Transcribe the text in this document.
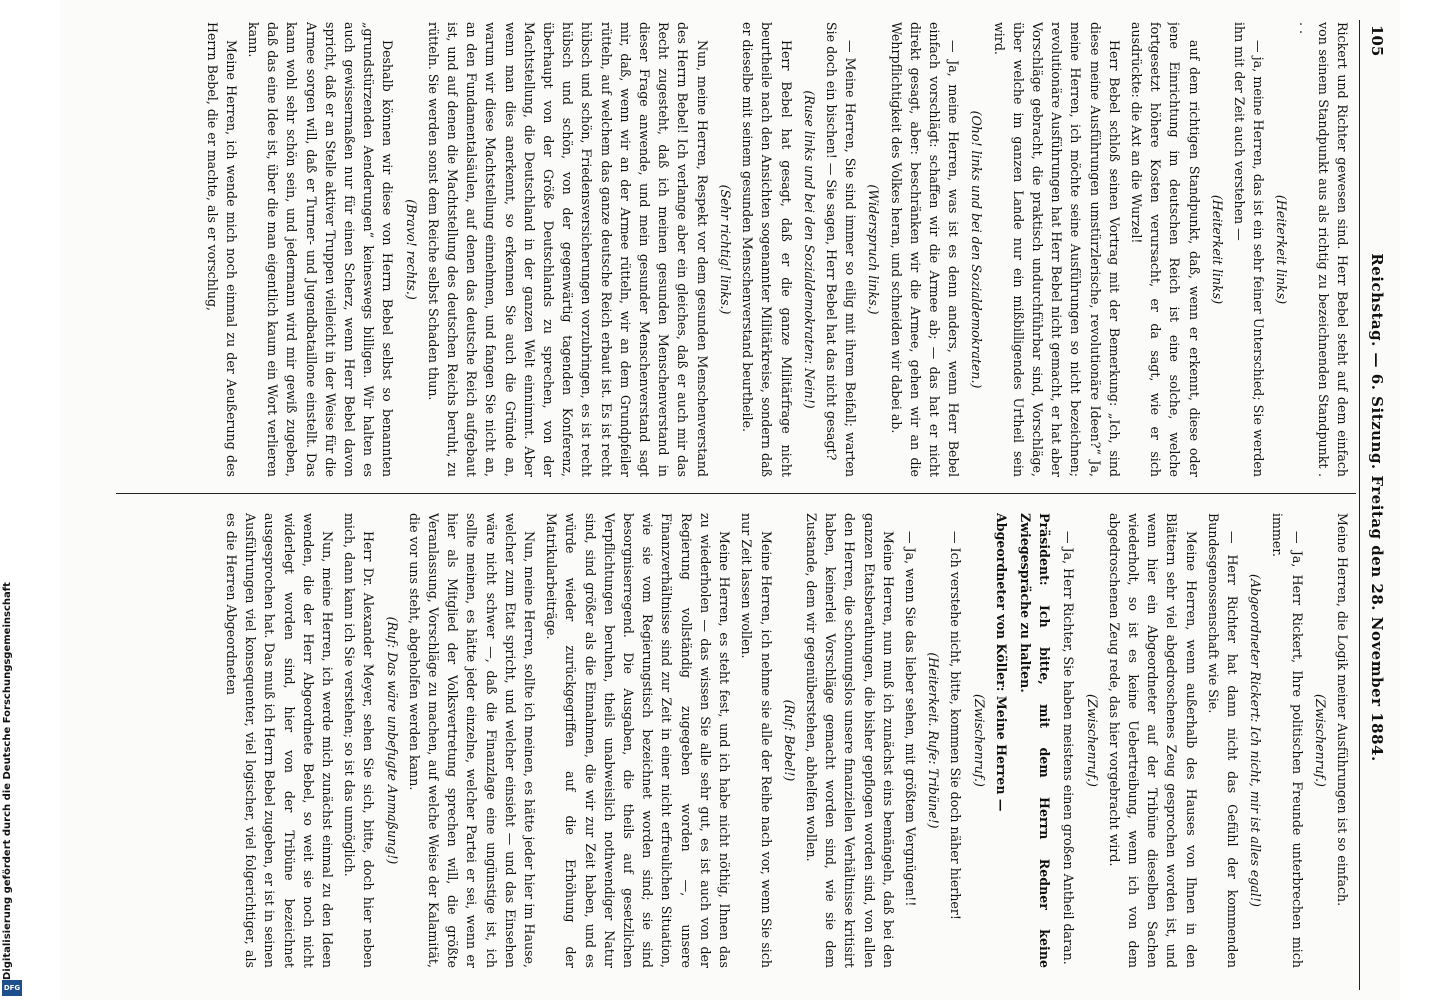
105
Reichstag. — 6. Sitzung. Freitag den 28. November 1884.

Rickert und Richter gewesen sind. Herr Bebel steht auf dem einfach von seinem Standpunkt aus als richtig zu bezeichnenden Standpunkt . . .

(Heiterkeit links)

— ja, meine Herren, das ist ein sehr feiner Unterschied; Sie werden ihn mit der Zeit auch verstehen —

(Heiterkeit links)

auf dem richtigen Standpunkt, daß, wenn er erkennt, diese oder jene Einrichtung im deutschen Reich ist eine solche, welche fortgesetzt höhere Kosten verursacht, er da sagt, wie er sich ausdrückte: die Axt an die Wurzel!

Herr Bebel schloß seinen Vortrag mit der Bemerkung: „Ich, sind diese meine Ausführungen umstürzlerische, revolutionäre Ideen?“ Ja, meine Herren, ich möchte seine Ausführungen so nicht bezeichnen; revolutionäre Ausführungen hat Herr Bebel nicht gemacht, er hat aber Vorschläge gebracht, die praktisch undurchführbar sind, Vorschläge, über welche im ganzen Lande nur ein mißbilligendes Urtheil sein wird.

(Oho! links und bei den Sozialdemokraten.)

— Ja, meine Herren, was ist es denn anders, wenn Herr Bebel einfach vorschlägt: schaffen wir die Armee ab; — das hat er nicht direkt gesagt, aber: beschränken wir die Armee, gehen wir an die Wehrpflichtigkeit des Volkes heran, und schneiden wir dabei ab.

(Widerspruch links.)

— Meine Herren, Sie sind immer so eilig mit ihrem Beifall; warten Sie doch ein bischen! — Sie sagen, Herr Bebel hat das nicht gesagt?

(Ruse links und bei den Sozialdemokraten: Nein!)

Herr Bebel hat gesagt, daß er die ganze Militärfrage nicht beurtheile nach den Ansichten sogenannter Militärkreise, sondern daß er dieselbe mit seinem gesunden Menschenverstand beurtheile.

(Sehr richtig! links.)

Nun, meine Herren, Respekt vor dem gesunden Menschenverstand des Herrn Bebel! Ich verlange aber ein gleiches, daß er auch mir das Recht zugesteht, daß ich meinen gesunden Menschenverstand in dieser Frage anwende, und mein gesunder Menschenverstand sagt mir, daß, wenn wir an der Armee rütteln, wir an dem Grundpfeiler rütteln, auf welchem das ganze deutsche Reich erbaut ist. Es ist recht hübsch und schön, Friedensversicherungen vorzubringen, es ist recht hübsch und schön, von der gegenwärtig tagenden Konferenz, überhaupt von der Größe Deutschlands zu sprechen, von der Machtstellung, die Deutschland in der ganzen Welt einnimmt. Aber wenn man dies anerkennt, so erkennen Sie auch die Gründe an, warum wir diese Machtstellung einnehmen, und fangen Sie nicht an, an den Fundamentalsäulen, auf denen das deutsche Reich aufgebaut ist, und auf denen die Machtstellung des deutschen Reichs beruht, zu rütteln. Sie werden sonst dem Reiche selbst Schaden thun.

(Bravo! rechts.)

Deshalb können wir diese von Herrn Bebel selbst so benannten „grundstürzenden Aenderungen“ keineswegs billigen. Wir halten es auch gewissermaßen nur für einen Scherz, wenn Herr Bebel davon spricht, daß er an Stelle aktiver Truppen vielleicht in der Weise für die Armee sorgen will, daß er Turner- und Jugendbataillone einstellt. Das kann wohl sehr schön sein, und jedermann wird mir gewiß zugeben, daß das eine Idee ist, über die man eigentlich kaum ein Wort verlieren kann.

Meine Herren, ich wende mich noch einmal zu der Aeußerung des Herrn Bebel, die er machte, als er vorschlug,

Meine Herren, die Logik meiner Ausführungen ist so einfach.

(Zwischenruf.)

— Ja, Herr Rickert, Ihre politischen Freunde unterbrechen mich immer.

(Abgeordneter Rickert: Ich nicht, mir ist alles egal!)

— Herr Richter hat dann nicht das Gefühl der kommenden Bundesgenossenschaft wie Sie.

Meine Herren, wenn außerhalb des Hauses von Ihnen in den Blättern sehr viel abgedroschenes Zeug gesprochen worden ist, und wenn hier ein Abgeordneter auf der Tribüne dieselben Sachen wiederholt, so ist es keine Uebertreibung, wenn ich von dem abgedroschenen Zeug rede, das hier vorgebracht wird.

(Zwischenruf.)

— Ja, Herr Richter, Sie haben meistens einen großen Antheil daran.

Präsident: Ich bitte, mit dem Herrn Redner keine Zwiegespräche zu halten.

Abgeordneter von Köller: Meine Herren —

(Zwischenruf.)

— Ich verstehe nicht, bitte, kommen Sie doch näher hierher!

(Heiterkeit. Rufe: Tribüne!)

— Ja, wenn Sie das lieber sehen, mit größtem Vergnügen!!

Meine Herren, nun muß ich zunächst eins bemängeln, daß bei den ganzen Etatsberathungen, die bisher gepflogen worden sind, von allen den Herren, die schonungslos unsere finanziellen Verhältnisse kritisirt haben, keinerlei Vorschläge gemacht worden sind, wie sie dem Zustande, dem wir gegenüberstehen, abhelfen wollen.

(Ruf: Bebel!)

Meine Herren, ich nehme sie alle der Reihe nach vor, wenn Sie sich nur Zeit lassen wollen.

Meine Herren, es steht fest, und ich habe nicht nöthig, Ihnen das zu wiederholen — das wissen Sie alle sehr gut, es ist auch von der Regierung vollständig zugegeben worden —, unsere Finanzverhältnisse sind zur Zeit in einer nicht erfreulichen Situation, wie sie vom Regierungstisch bezeichnet worden sind; sie sind besorgniserregend. Die Ausgaben, die theils auf gesetzlichen Verpflichtungen beruhen, theils unabweislich nothwendiger Natur sind, sind größer als die Einnahmen, die wir zur Zeit haben, und es würde wieder zurückgegriffen auf die Erhöhung der Matrikularbeiträge.

Nun, meine Herren, sollte ich meinen, es hätte jeder hier im Hause, welcher zum Etat spricht, und welcher einsieht — und das Einsehen wäre nicht schwer —, daß die Finanzlage eine ungünstige ist, ich sollte meinen, es hätte jeder einzelne, welcher Partei er sei, wenn er hier als Mitglied der Volksvertretung sprechen will, die größte Veranlassung, Vorschläge zu machen, auf welche Weise der Kalamität, die vor uns steht, abgeholfen werden kann.

(Ruf: Das wäre unbefugte Anmaßung!)

Herr Dr. Alexander Meyer, sehen Sie sich, bitte, doch hier neben mich, dann kann ich Sie verstehen; so ist das unmöglich.

Nun, meine Herren, ich werde mich zunächst einmal zu den Ideen wenden, die der Herr Abgeordnete Bebel, so weit sie noch nicht widerlegt worden sind, hier von der Tribüne bezeichnet ausgesprochen hat. Das muß ich Herrn Bebel zugeben, er ist in seinen Ausführungen viel konsequenter, viel logischer, viel folgerichtiger, als es die Herren Abgeordneten

Digitalisierung gefördert durch die Deutsche Forschungsgemeinschaft
DFG
